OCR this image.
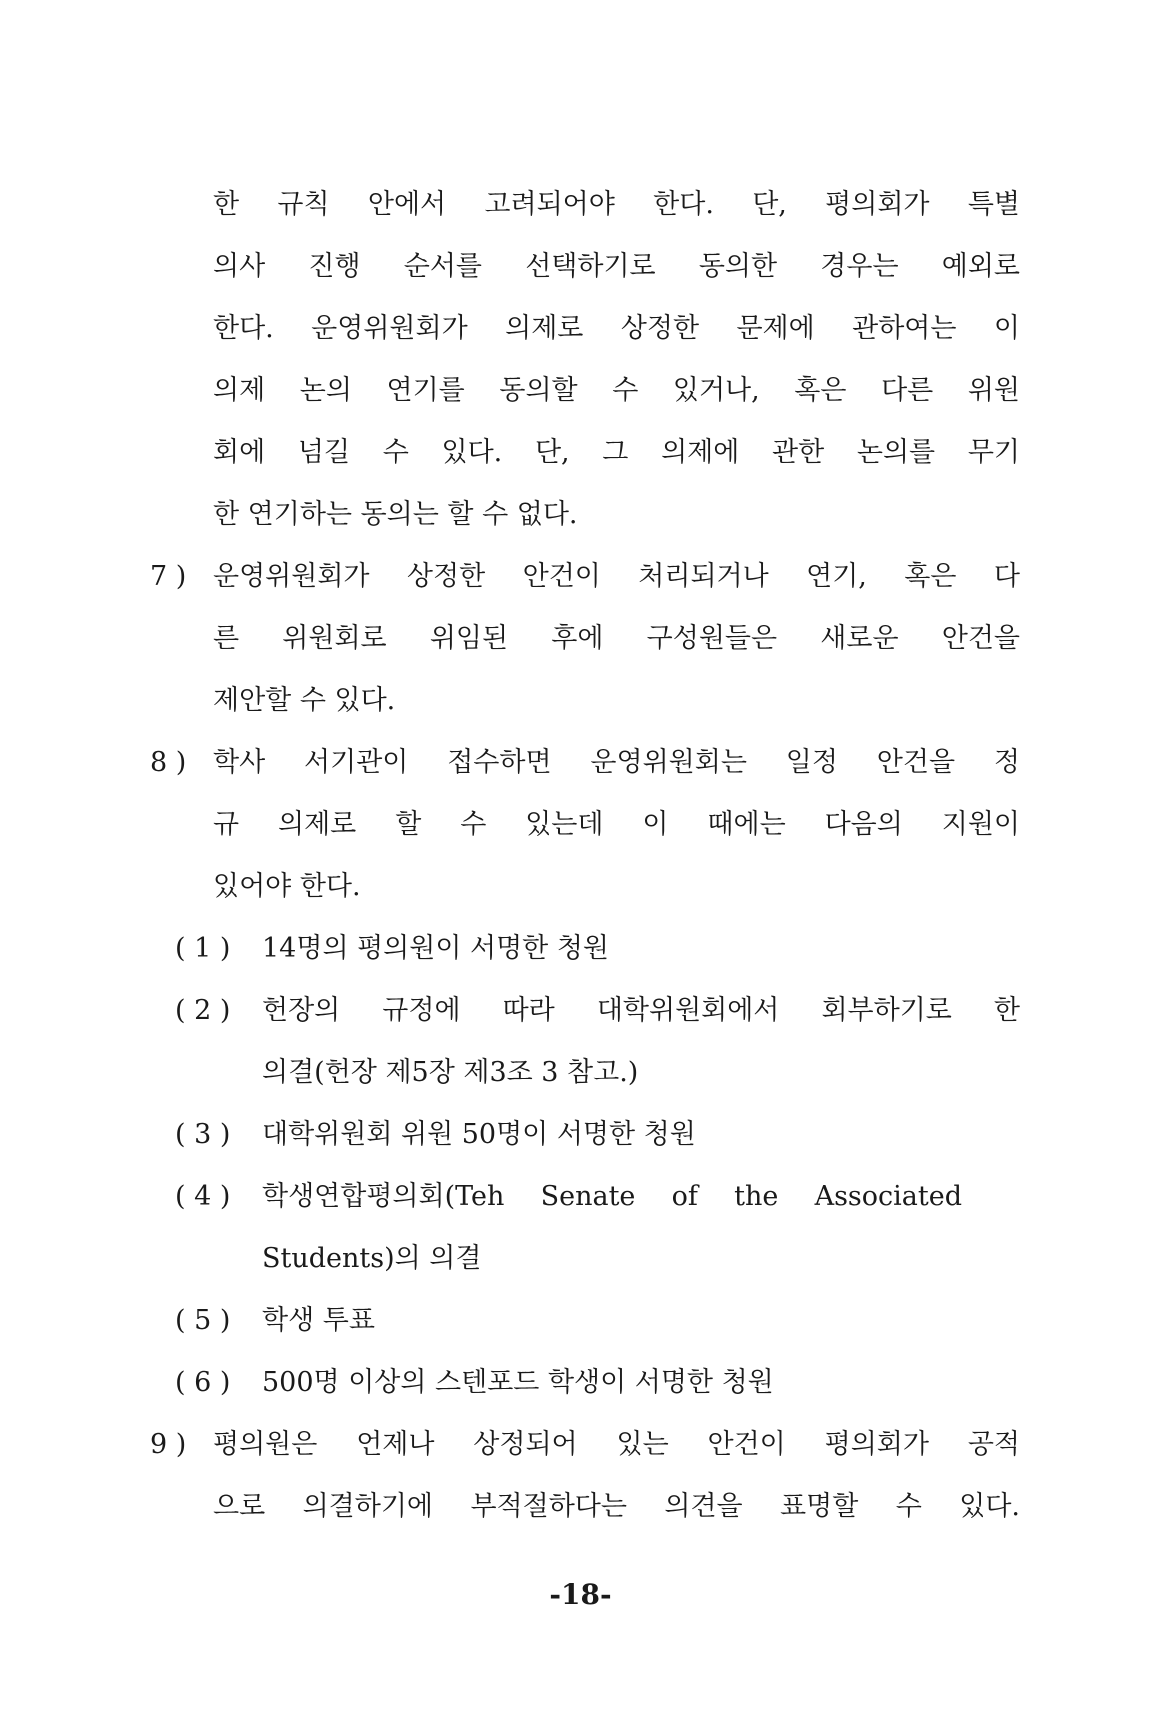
한 규칙 안에서 고려되어야 한다. 단, 평의회가 특별
의사 진행 순서를 선택하기로 동의한 경우는 예외로
한다. 운영위원회가 의제로 상정한 문제에 관하여는 이
의제 논의 연기를 동의할 수 있거나, 혹은 다른 위원
회에 넘길 수 있다. 단, 그 의제에 관한 논의를 무기
한 연기하는 동의는 할 수 없다.
7 ) 운영위원회가 상정한 안건이 처리되거나 연기, 혹은 다
른 위원회로 위임된 후에 구성원들은 새로운 안건을
제안할 수 있다.
8 ) 학사 서기관이 접수하면 운영위원회는 일정 안건을 정
규 의제로 할 수 있는데 이 때에는 다음의 지원이
있어야 한다.
( 1 ) 14명의 평의원이 서명한 청원
( 2 ) 헌장의 규정에 따라 대학위원회에서 회부하기로 한
의결(헌장 제5장 제3조 3 참고.)
( 3 ) 대학위원회 위원 50명이 서명한 청원
( 4 ) 학생연합평의회(Teh Senate of the Associated
Students)의 의결
( 5 ) 학생 투표
( 6 ) 500명 이상의 스텐포드 학생이 서명한 청원
9 ) 평의원은 언제나 상정되어 있는 안건이 평의회가 공적
으로 의결하기에 부적절하다는 의견을 표명할 수 있다.
-18-
